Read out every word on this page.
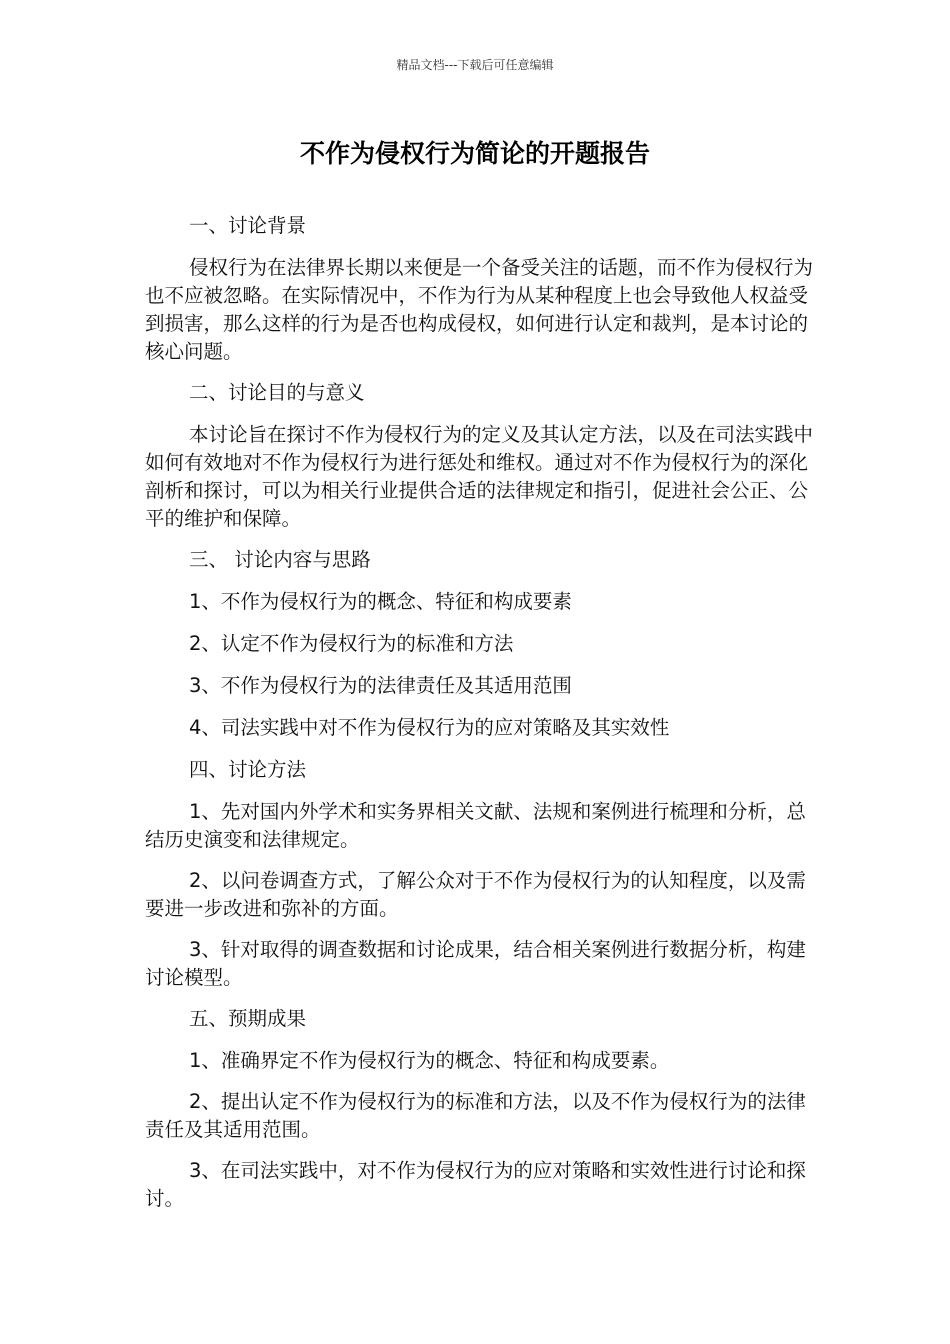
精品文档---下载后可任意编辑
不作为侵权行为简论的开题报告

一、讨论背景

侵权行为在法律界长期以来便是一个备受关注的话题，而不作为侵权行为也不应被忽略。在实际情况中，不作为行为从某种程度上也会导致他人权益受到损害，那么这样的行为是否也构成侵权，如何进行认定和裁判，是本讨论的核心问题。

二、讨论目的与意义

本讨论旨在探讨不作为侵权行为的定义及其认定方法，以及在司法实践中如何有效地对不作为侵权行为进行惩处和维权。通过对不作为侵权行为的深化剖析和探讨，可以为相关行业提供合适的法律规定和指引，促进社会公正、公平的维护和保障。

三、 讨论内容与思路

1、不作为侵权行为的概念、特征和构成要素

2、认定不作为侵权行为的标准和方法

3、不作为侵权行为的法律责任及其适用范围

4、司法实践中对不作为侵权行为的应对策略及其实效性

四、讨论方法

1、先对国内外学术和实务界相关文献、法规和案例进行梳理和分析，总结历史演变和法律规定。

2、以问卷调查方式，了解公众对于不作为侵权行为的认知程度，以及需要进一步改进和弥补的方面。

3、针对取得的调查数据和讨论成果，结合相关案例进行数据分析，构建讨论模型。

五、预期成果

1、准确界定不作为侵权行为的概念、特征和构成要素。

2、提出认定不作为侵权行为的标准和方法，以及不作为侵权行为的法律责任及其适用范围。

3、在司法实践中，对不作为侵权行为的应对策略和实效性进行讨论和探讨。
